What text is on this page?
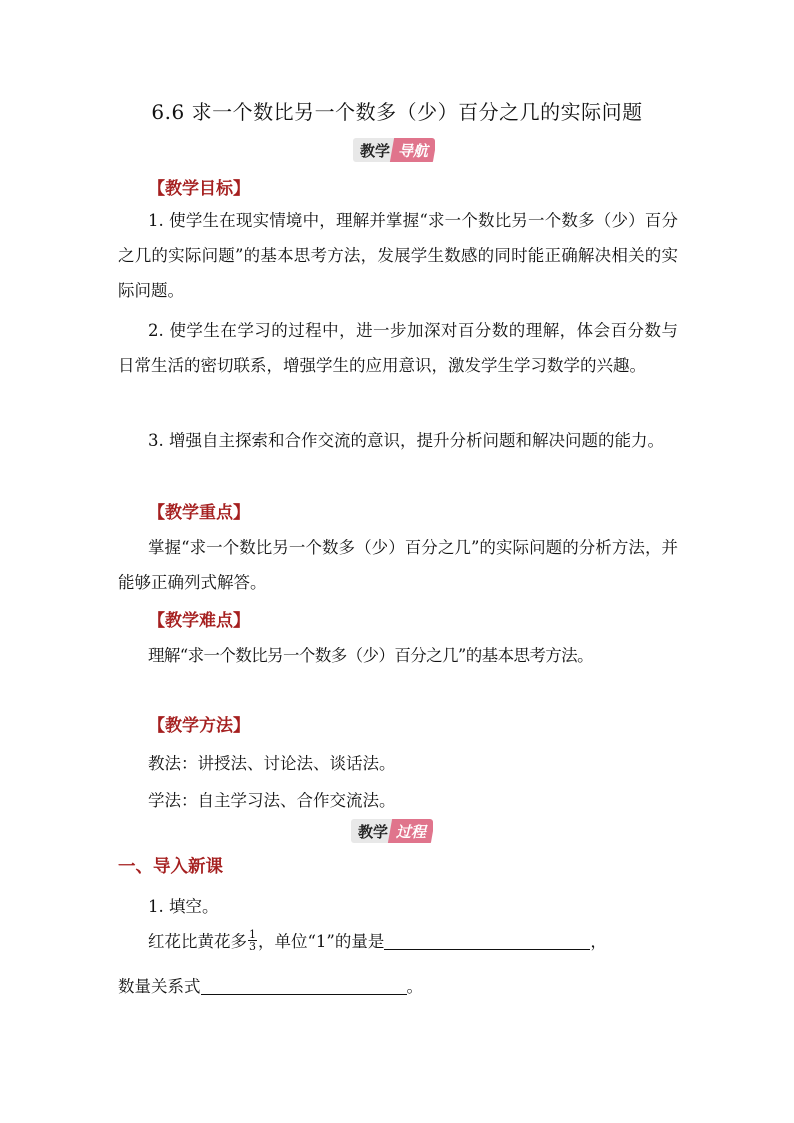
6.6 求一个数比另一个数多（少）百分之几的实际问题
教学 导航
【教学目标】
1. 使学生在现实情境中，理解并掌握“求一个数比另一个数多（少）百分之几的实际问题”的基本思考方法，发展学生数感的同时能正确解决相关的实际问题。
2. 使学生在学习的过程中，进一步加深对百分数的理解，体会百分数与日常生活的密切联系，增强学生的应用意识，激发学生学习数学的兴趣。
3. 增强自主探索和合作交流的意识，提升分析问题和解决问题的能力。
【教学重点】
掌握“求一个数比另一个数多（少）百分之几”的实际问题的分析方法，并能够正确列式解答。
【教学难点】
理解“求一个数比另一个数多（少）百分之几”的基本思考方法。
【教学方法】
教法：讲授法、讨论法、谈话法。
学法：自主学习法、合作交流法。
教学 过程
一、导入新课
1. 填空。
红花比黄花多 $\frac{1}{3}$ ，单位“1”的量是	，
数量关系式	。
